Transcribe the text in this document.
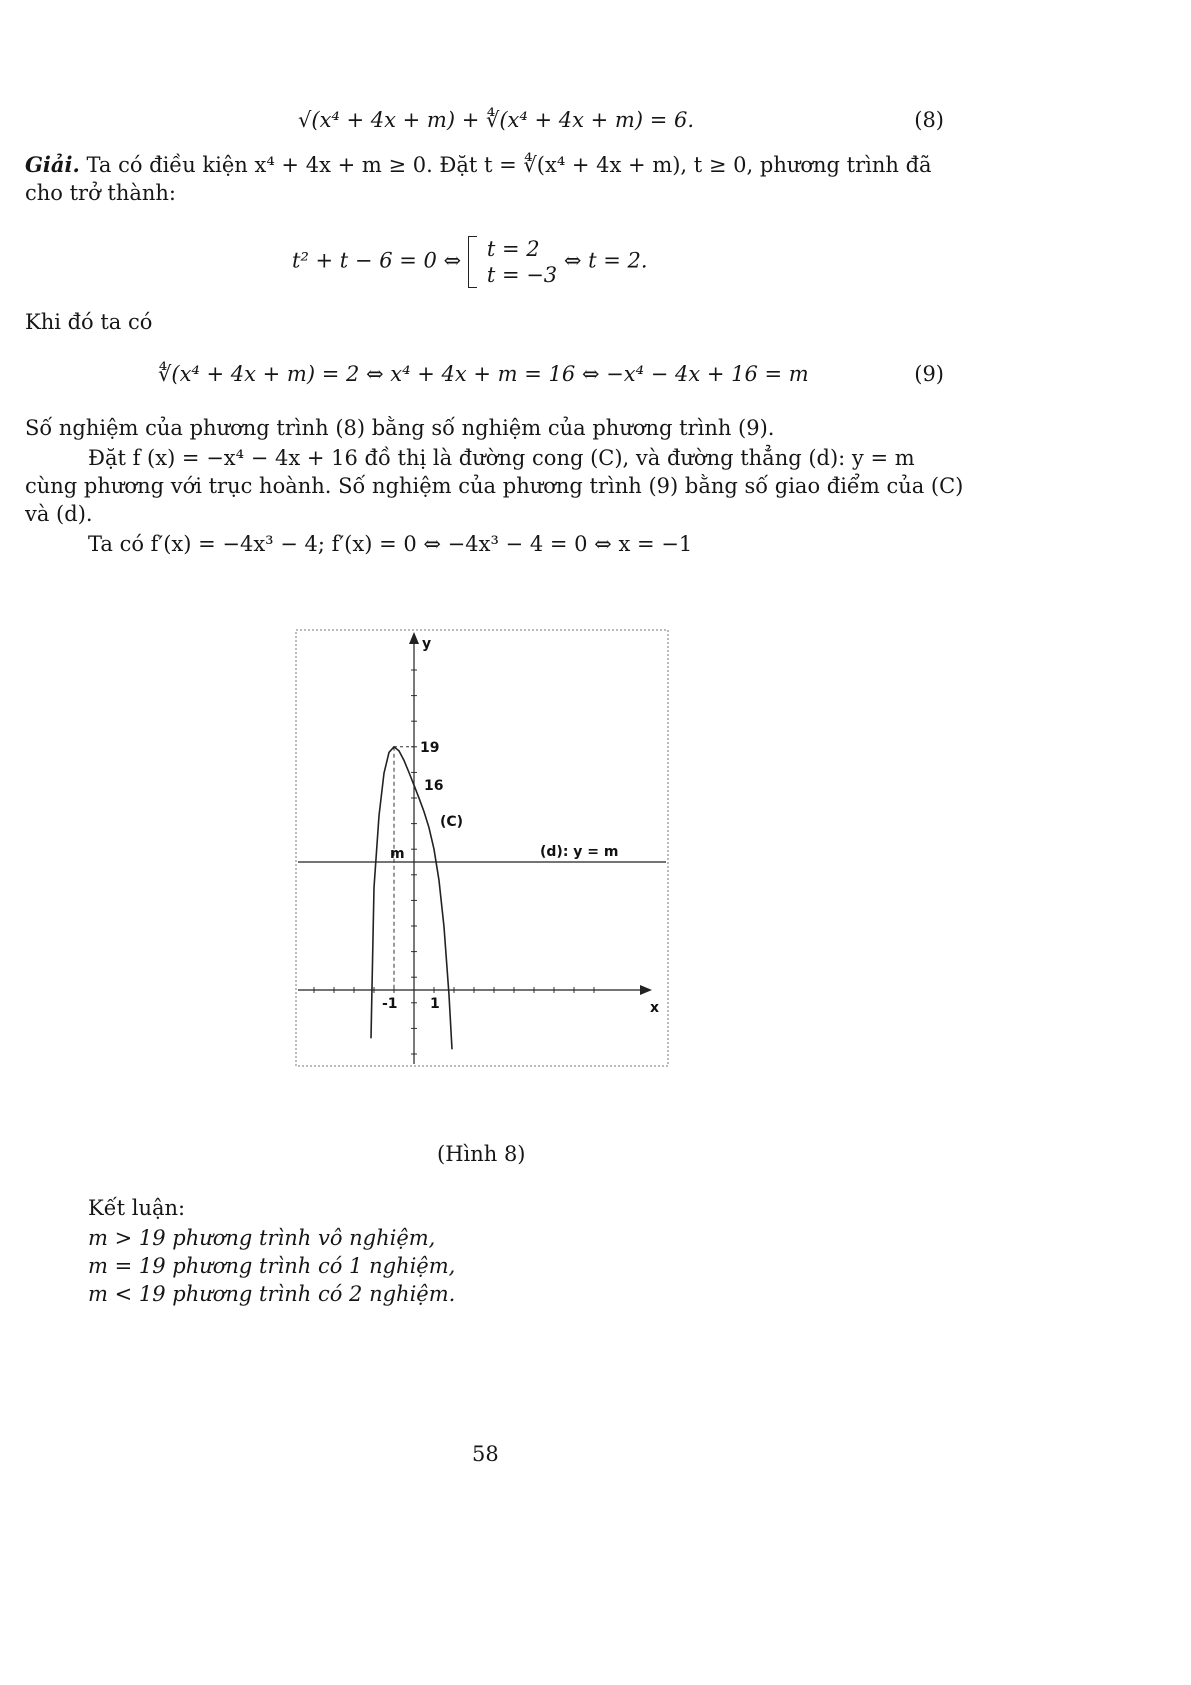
√(x⁴ + 4x + m) + ∜(x⁴ + 4x + m) = 6.	(8)
Giải. Ta có điều kiện x⁴ + 4x + m ≥ 0. Đặt t = ∜(x⁴ + 4x + m), t ≥ 0, phương trình đã
cho trở thành:
t² + t − 6 = 0 ⇔ t = 2
t = −3
⇔ t = 2.
Khi đó ta có
∜(x⁴ + 4x + m) = 2 ⇔ x⁴ + 4x + m = 16 ⇔ −x⁴ − 4x + 16 = m	(9)
Số nghiệm của phương trình (8) bằng số nghiệm của phương trình (9).
Đặt f (x) = −x⁴ − 4x + 16 đồ thị là đường cong (C), và đường thẳng (d): y = m
cùng phương với trục hoành. Số nghiệm của phương trình (9) bằng số giao điểm của (C)
và (d).
Ta có f′(x) = −4x³ − 4; f′(x) = 0 ⇔ −4x³ − 4 = 0 ⇔ x = −1
y
x
19
16
-1 1
(C)
(d): y = m
m
(Hình 8)
Kết luận:
m > 19 phương trình vô nghiệm,
m = 19 phương trình có 1 nghiệm,
m < 19 phương trình có 2 nghiệm.
58
